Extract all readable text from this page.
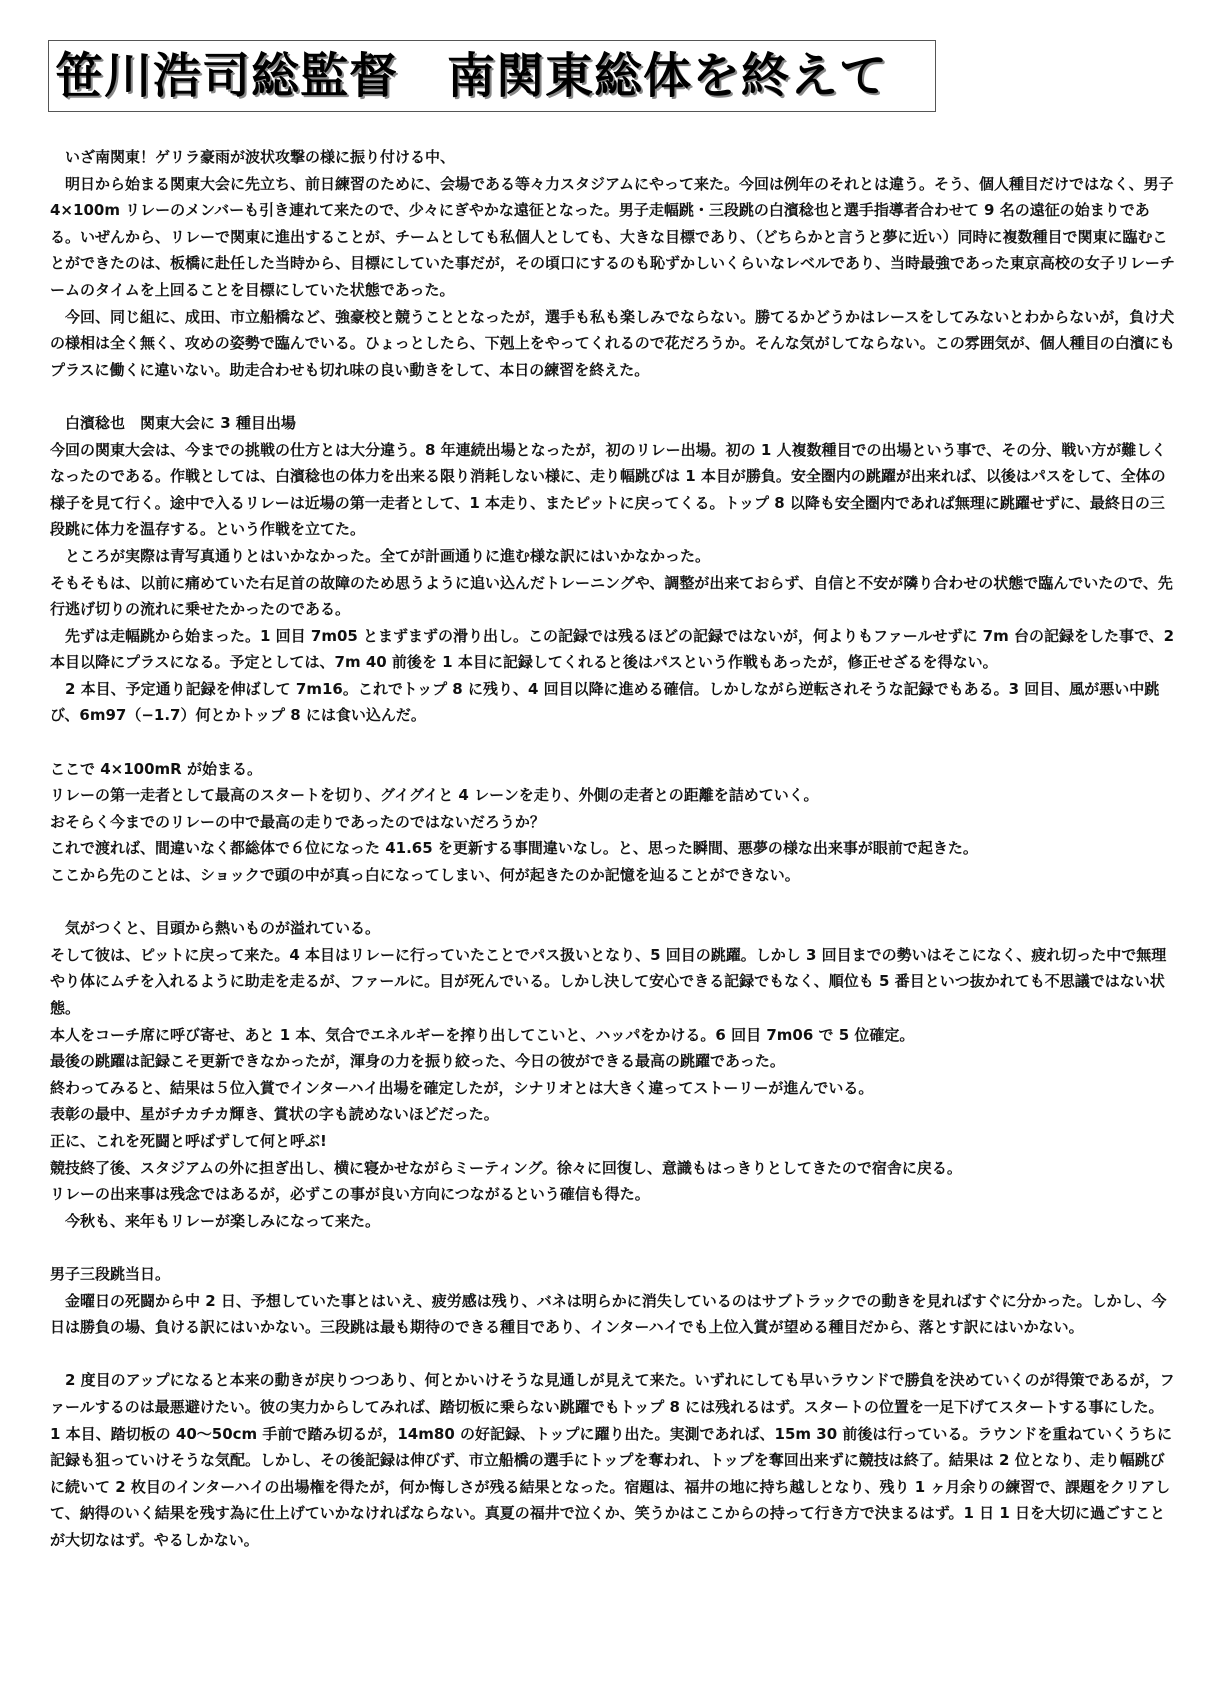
笹川浩司総監督　南関東総体を終えて

　いざ南関東！ゲリラ豪雨が波状攻撃の様に振り付ける中、

　明日から始まる関東大会に先立ち、前日練習のために、会場である等々力スタジアムにやって来た。今回は例年のそれとは違う。そう、個人種目だけではなく、男子 4×100m リレーのメンバーも引き連れて来たので、少々にぎやかな遠征となった。男子走幅跳・三段跳の白濱稔也と選手指導者合わせて 9 名の遠征の始まりである。いぜんから、リレーで関東に進出することが、チームとしても私個人としても、大きな目標であり、（どちらかと言うと夢に近い）同時に複数種目で関東に臨むことができたのは、板橋に赴任した当時から、目標にしていた事だが，その頃口にするのも恥ずかしいくらいなレベルであり、当時最強であった東京高校の女子リレーチームのタイムを上回ることを目標にしていた状態であった。

　今回、同じ組に、成田、市立船橋など、強豪校と競うこととなったが，選手も私も楽しみでならない。勝てるかどうかはレースをしてみないとわからないが，負け犬の様相は全く無く、攻めの姿勢で臨んでいる。ひょっとしたら、下剋上をやってくれるので花だろうか。そんな気がしてならない。この雰囲気が、個人種目の白濱にもプラスに働くに違いない。助走合わせも切れ味の良い動きをして、本日の練習を終えた。

　白濱稔也　関東大会に 3 種目出場

今回の関東大会は、今までの挑戦の仕方とは大分違う。8 年連続出場となったが，初のリレー出場。初の 1 人複数種目での出場という事で、その分、戦い方が難しくなったのである。作戦としては、白濱稔也の体力を出来る限り消耗しない様に、走り幅跳びは 1 本目が勝負。安全圏内の跳躍が出来れば、以後はパスをして、全体の様子を見て行く。途中で入るリレーは近場の第一走者として、1 本走り、またピットに戻ってくる。トップ 8 以降も安全圏内であれば無理に跳躍せずに、最終日の三段跳に体力を温存する。という作戦を立てた。

　ところが実際は青写真通りとはいかなかった。全てが計画通りに進む様な訳にはいかなかった。

そもそもは、以前に痛めていた右足首の故障のため思うように追い込んだトレーニングや、調整が出来ておらず、自信と不安が隣り合わせの状態で臨んでいたので、先行逃げ切りの流れに乗せたかったのである。

　先ずは走幅跳から始まった。1 回目 7m05 とまずまずの滑り出し。この記録では残るほどの記録ではないが，何よりもファールせずに 7m 台の記録をした事で、2 本目以降にプラスになる。予定としては、7m 40 前後を 1 本目に記録してくれると後はパスという作戦もあったが，修正せざるを得ない。

　2 本目、予定通り記録を伸ばして 7m16。これでトップ 8 に残り、4 回目以降に進める確信。しかしながら逆転されそうな記録でもある。3 回目、風が悪い中跳び、6m97（−1.7）何とかトップ 8 には食い込んだ。

ここで 4×100mR が始まる。

リレーの第一走者として最高のスタートを切り、グイグイと 4 レーンを走り、外側の走者との距離を詰めていく。

おそらく今までのリレーの中で最高の走りであったのではないだろうか？

これで渡れば、間違いなく都総体で６位になった 41.65 を更新する事間違いなし。と、思った瞬間、悪夢の様な出来事が眼前で起きた。

ここから先のことは、ショックで頭の中が真っ白になってしまい、何が起きたのか記憶を辿ることができない。

　気がつくと、目頭から熱いものが溢れている。

そして彼は、ピットに戻って来た。4 本目はリレーに行っていたことでパス扱いとなり、5 回目の跳躍。しかし 3 回目までの勢いはそこになく、疲れ切った中で無理やり体にムチを入れるように助走を走るが、ファールに。目が死んでいる。しかし決して安心できる記録でもなく、順位も 5 番目といつ抜かれても不思議ではない状態。

本人をコーチ席に呼び寄せ、あと 1 本、気合でエネルギーを搾り出してこいと、ハッパをかける。6 回目 7m06 で 5 位確定。

最後の跳躍は記録こそ更新できなかったが，渾身の力を振り絞った、今日の彼ができる最高の跳躍であった。

終わってみると、結果は５位入賞でインターハイ出場を確定したが，シナリオとは大きく違ってストーリーが進んでいる。

表彰の最中、星がチカチカ輝き、賞状の字も読めないほどだった。

正に、これを死闘と呼ばずして何と呼ぶ!

競技終了後、スタジアムの外に担ぎ出し、横に寝かせながらミーティング。徐々に回復し、意識もはっきりとしてきたので宿舎に戻る。

リレーの出来事は残念ではあるが，必ずこの事が良い方向につながるという確信も得た。

　今秋も、来年もリレーが楽しみになって来た。

男子三段跳当日。

　金曜日の死闘から中 2 日、予想していた事とはいえ、疲労感は残り、バネは明らかに消失しているのはサブトラックでの動きを見ればすぐに分かった。しかし、今日は勝負の場、負ける訳にはいかない。三段跳は最も期待のできる種目であり、インターハイでも上位入賞が望める種目だから、落とす訳にはいかない。

　2 度目のアップになると本来の動きが戻りつつあり、何とかいけそうな見通しが見えて来た。いずれにしても早いラウンドで勝負を決めていくのが得策であるが，ファールするのは最悪避けたい。彼の実力からしてみれば、踏切板に乗らない跳躍でもトップ 8 には残れるはず。スタートの位置を一足下げてスタートする事にした。

1 本目、踏切板の 40～50cm 手前で踏み切るが，14m80 の好記録、トップに躍り出た。実測であれば、15m 30 前後は行っている。ラウンドを重ねていくうちに記録も狙っていけそうな気配。しかし、その後記録は伸びず、市立船橋の選手にトップを奪われ、トップを奪回出来ずに競技は終了。結果は 2 位となり、走り幅跳びに続いて 2 枚目のインターハイの出場権を得たが，何か悔しさが残る結果となった。宿題は、福井の地に持ち越しとなり、残り 1 ヶ月余りの練習で、課題をクリアして、納得のいく結果を残す為に仕上げていかなければならない。真夏の福井で泣くか、笑うかはここからの持って行き方で決まるはず。1 日 1 日を大切に過ごすことが大切なはず。やるしかない。
